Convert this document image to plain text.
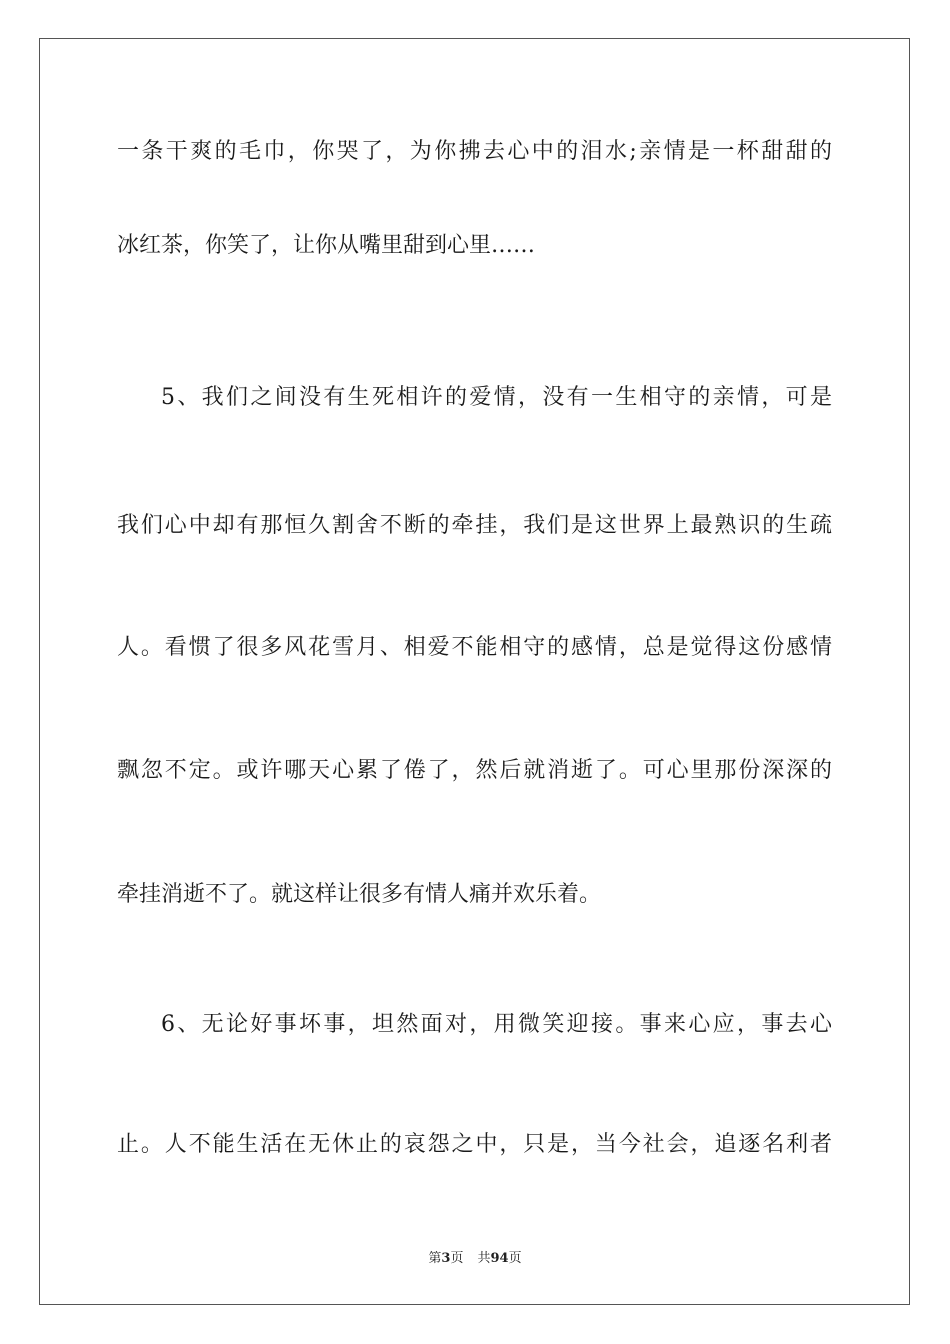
一条干爽的毛巾，你哭了，为你拂去心中的泪水;亲情是一杯甜甜的

冰红茶，你笑了，让你从嘴里甜到心里……

5、我们之间没有生死相许的爱情，没有一生相守的亲情，可是

我们心中却有那恒久割舍不断的牵挂，我们是这世界上最熟识的生疏

人。看惯了很多风花雪月、相爱不能相守的感情，总是觉得这份感情

飘忽不定。或许哪天心累了倦了，然后就消逝了。可心里那份深深的

牵挂消逝不了。就这样让很多有情人痛并欢乐着。

6、无论好事坏事，坦然面对，用微笑迎接。事来心应，事去心

止。人不能生活在无休止的哀怨之中，只是，当今社会，追逐名利者

第3页 共94页
